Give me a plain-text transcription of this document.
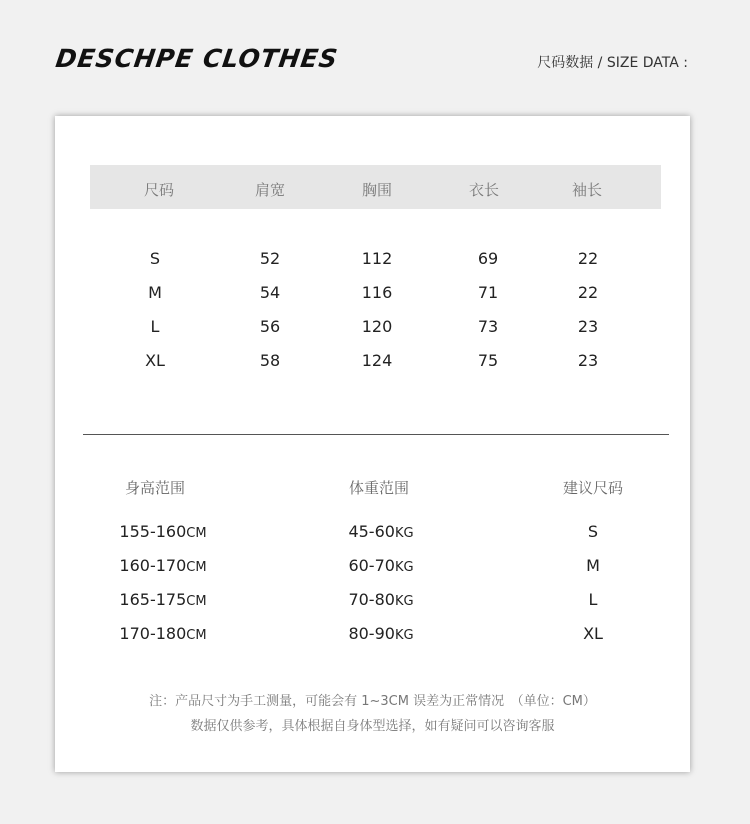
DESCHPE CLOTHES	尺码数据 / SIZE DATA :
尺码	肩宽	胸围	衣长	袖长
S	52	112	69	22
M	54	116	71	22
L	56	120	73	23
XL	58	124	75	23
身高范围	体重范围	建议尺码
155-160CM	45-60KG	S
160-170CM	60-70KG	M
165-175CM	70-80KG	L
170-180CM	80-90KG	XL
注：产品尺寸为手工测量，可能会有 1~3CM 误差为正常情况　（单位：CM）
数据仅供参考，具体根据自身体型选择，如有疑问可以咨询客服
